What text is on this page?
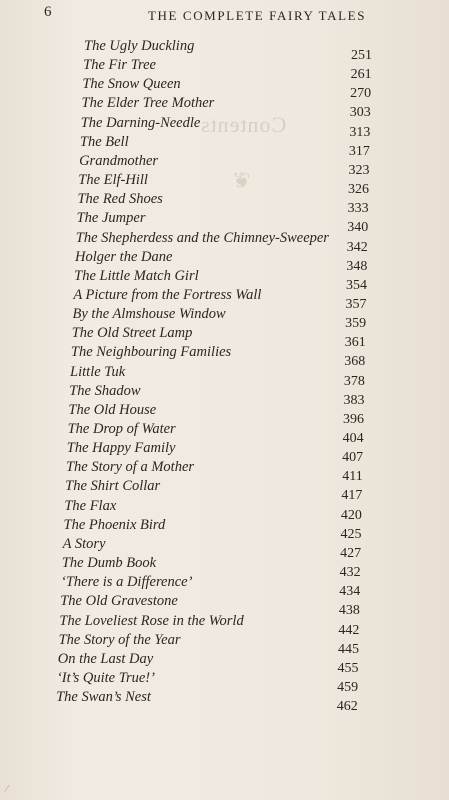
Contents
❦
6	THE COMPLETE FAIRY TALES
The Ugly Duckling
The Fir Tree
The Snow Queen
The Elder Tree Mother
The Darning-Needle
The Bell
Grandmother
The Elf-Hill
The Red Shoes
The Jumper
The Shepherdess and the Chimney-Sweeper
Holger the Dane
The Little Match Girl
A Picture from the Fortress Wall
By the Almshouse Window
The Old Street Lamp
The Neighbouring Families
Little Tuk
The Shadow
The Old House
The Drop of Water
The Happy Family
The Story of a Mother
The Shirt Collar
The Flax
The Phoenix Bird
A Story
The Dumb Book
‘There is a Difference’
The Old Gravestone
The Loveliest Rose in the World
The Story of the Year
On the Last Day
‘It’s Quite True!’
The Swan’s Nest
251
261
270
303
313
317
323
326
333
340
342
348
354
357
359
361
368
378
383
396
404
407
411
417
420
425
427
432
434
438
442
445
455
459
462
⁄
